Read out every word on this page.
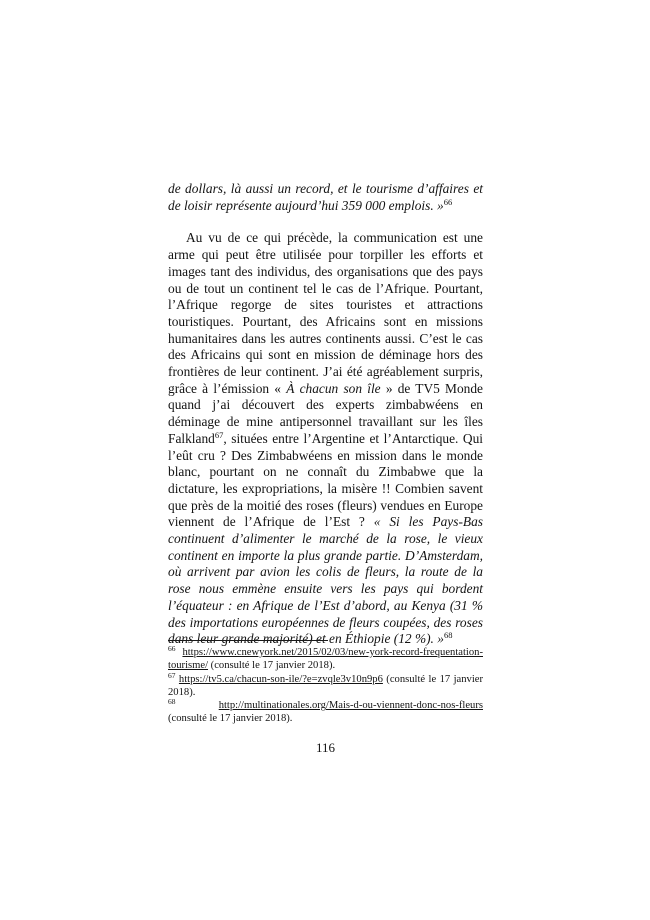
de dollars, là aussi un record, et le tourisme d’affaires et de loisir représente aujourd’hui 359 000 emplois. »$^{66}$

Au vu de ce qui précède, la communication est une arme qui peut être utilisée pour torpiller les efforts et images tant des individus, des organisations que des pays ou de tout un continent tel le cas de l’Afrique. Pourtant, l’Afrique regorge de sites touristes et attractions touristiques. Pourtant, des Africains sont en missions humanitaires dans les autres continents aussi. C’est le cas des Africains qui sont en mission de déminage hors des frontières de leur continent. J’ai été agréablement surpris, grâce à l’émission « À chacun son île » de TV5 Monde quand j’ai découvert des experts zimbabwéens en déminage de mine antipersonnel travaillant sur les îles Falkland$^{67}$, situées entre l’Argentine et l’Antarctique. Qui l’eût cru ? Des Zimbabwéens en mission dans le monde blanc, pourtant on ne connaît du Zimbabwe que la dictature, les expropriations, la misère !! Combien savent que près de la moitié des roses (fleurs) vendues en Europe viennent de l’Afrique de l’Est ? « Si les Pays-Bas continuent d’alimenter le marché de la rose, le vieux continent en importe la plus grande partie. D’Amsterdam, où arrivent par avion les colis de fleurs, la route de la rose nous emmène ensuite vers les pays qui bordent l’équateur : en Afrique de l’Est d’abord, au Kenya (31 % des importations européennes de fleurs coupées, des roses dans leur grande majorité) et en Éthiopie (12 %). »$^{68}$

$^{66}$ https://www.cnewyork.net/2015/02/03/new-york-record-frequentation-tourisme/ (consulté le 17 janvier 2018).

$^{67}$ https://tv5.ca/chacun-son-ile/?e=zvqle3v10n9p6 (consulté le 17 janvier 2018).

$^{68}$	http://multinationales.org/Mais-d-ou-viennent-donc-nos-fleurs (consulté le 17 janvier 2018).

116
